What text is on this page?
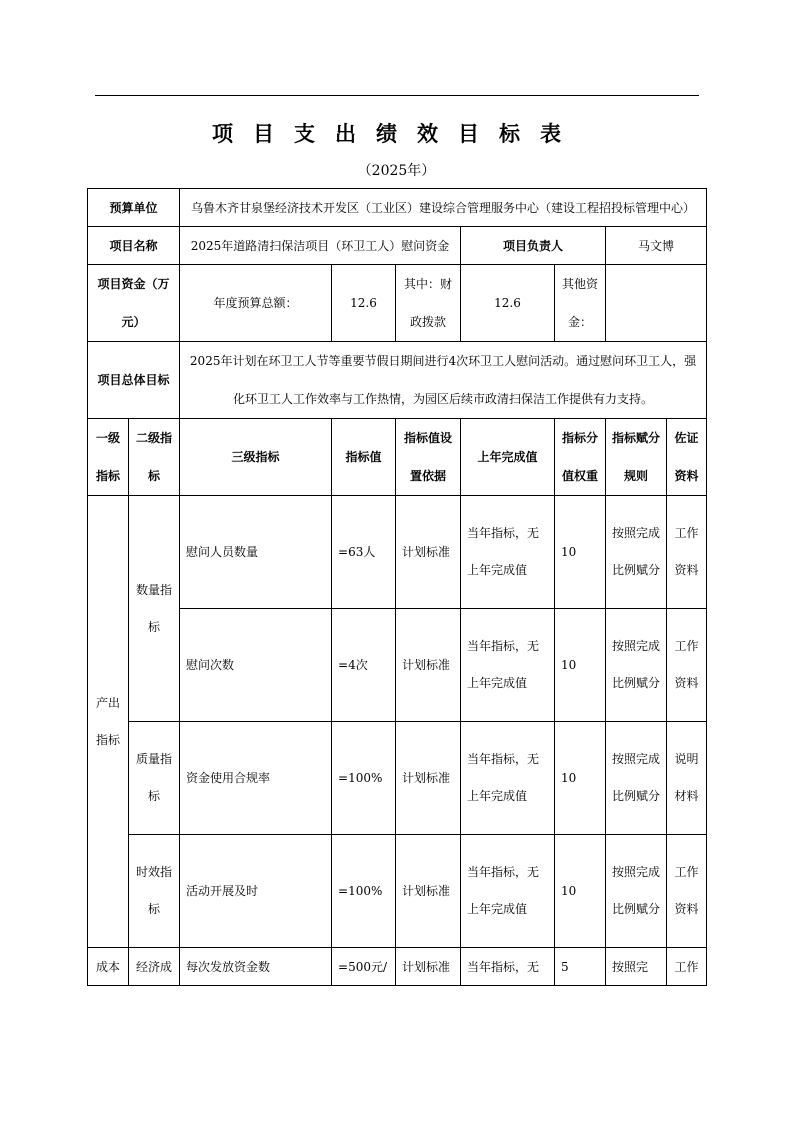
项目支出绩效目标表
（2025年）
预算单位		乌鲁木齐甘泉堡经济技术开发区（工业区）建设综合管理服务中心（建设工程招投标管理中心）						
项目名称		2025年道路清扫保洁项目（环卫工人）慰问资金			项目负责人		马文博	
项目资金（万元）		年度预算总额：	12.6	其中：财政拨款	12.6	其他资金：		
项目总体目标		2025年计划在环卫工人节等重要节假日期间进行4次环卫工人慰问活动。通过慰问环卫工人，强化环卫工人工作效率与工作热情，为园区后续市政清扫保洁工作提供有力支持。						
一级指标	二级指标	三级指标	指标值	指标值设置依据	上年完成值	指标分值权重	指标赋分规则	佐证资料
产出指标	数量指标	慰问人员数量	=63人	计划标准	当年指标，无上年完成值	10	按照完成比例赋分	工作资料
		慰问次数	=4次	计划标准	当年指标，无上年完成值	10	按照完成比例赋分	工作资料
	质量指标	资金使用合规率	=100%	计划标准	当年指标，无上年完成值	10	按照完成比例赋分	说明材料
	时效指标	活动开展及时	=100%	计划标准	当年指标，无上年完成值	10	按照完成比例赋分	工作资料
成本	经济成	每次发放资金数	=500元/	计划标准	当年指标，无	5	按照完	工作
